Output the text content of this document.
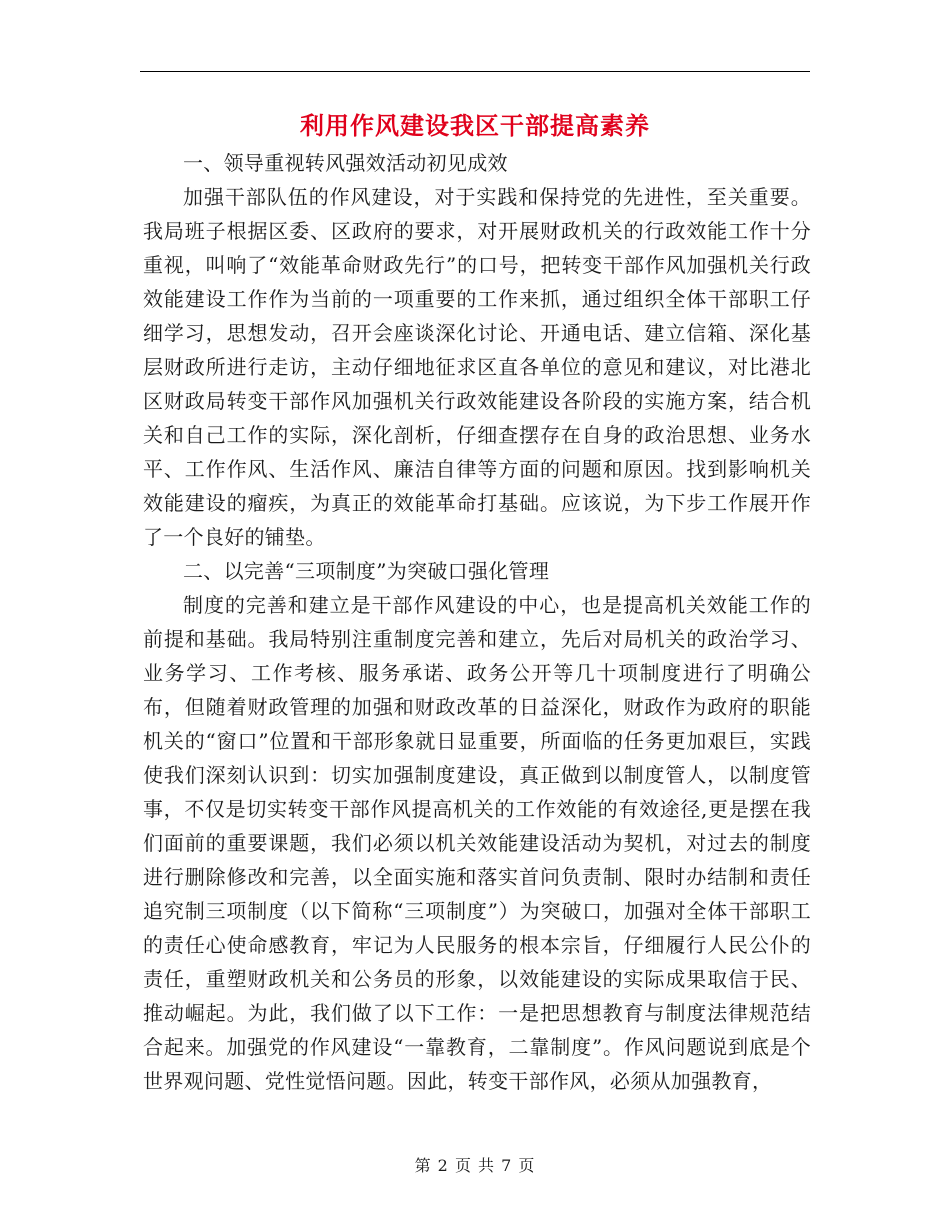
利用作风建设我区干部提高素养

一、领导重视转风强效活动初见成效

加强干部队伍的作风建设，对于实践和保持党的先进性，至关重要。我局班子根据区委、区政府的要求，对开展财政机关的行政效能工作十分重视，叫响了“效能革命财政先行”的口号，把转变干部作风加强机关行政效能建设工作作为当前的一项重要的工作来抓，通过组织全体干部职工仔细学习，思想发动，召开会座谈深化讨论、开通电话、建立信箱、深化基层财政所进行走访，主动仔细地征求区直各单位的意见和建议，对比港北区财政局转变干部作风加强机关行政效能建设各阶段的实施方案，结合机关和自己工作的实际，深化剖析，仔细查摆存在自身的政治思想、业务水平、工作作风、生活作风、廉洁自律等方面的问题和原因。找到影响机关效能建设的瘤疾，为真正的效能革命打基础。应该说，为下步工作展开作了一个良好的铺垫。

二、以完善“三项制度”为突破口强化管理

制度的完善和建立是干部作风建设的中心，也是提高机关效能工作的前提和基础。我局特别注重制度完善和建立，先后对局机关的政治学习、业务学习、工作考核、服务承诺、政务公开等几十项制度进行了明确公布，但随着财政管理的加强和财政改革的日益深化，财政作为政府的职能机关的“窗口”位置和干部形象就日显重要，所面临的任务更加艰巨，实践使我们深刻认识到：切实加强制度建设，真正做到以制度管人，以制度管事，不仅是切实转变干部作风提高机关的工作效能的有效途径,更是摆在我们面前的重要课题，我们必须以机关效能建设活动为契机，对过去的制度进行删除修改和完善，以全面实施和落实首问负责制、限时办结制和责任追究制三项制度（以下简称“三项制度”）为突破口，加强对全体干部职工的责任心使命感教育，牢记为人民服务的根本宗旨，仔细履行人民公仆的责任，重塑财政机关和公务员的形象，以效能建设的实际成果取信于民、推动崛起。为此，我们做了以下工作：一是把思想教育与制度法律规范结合起来。加强党的作风建设“一靠教育，二靠制度”。作风问题说到底是个世界观问题、党性觉悟问题。因此，转变干部作风，必须从加强教育，

第 2 页 共 7 页
